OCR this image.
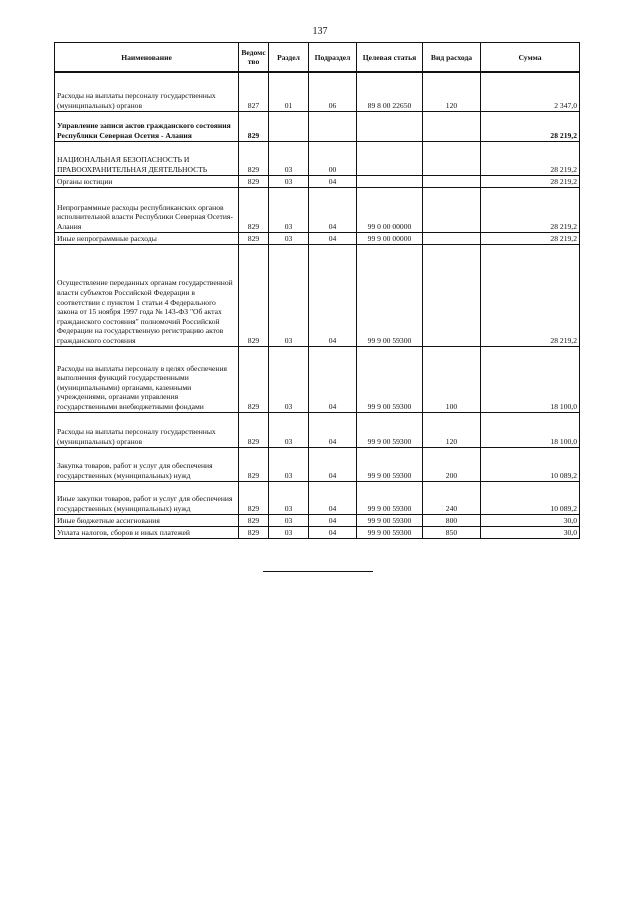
137
Наименование	Ведомс тво	Раздел	Подраздел	Целевая статья	Вид расхода	Сумма
Расходы на выплаты персоналу государственных (муниципальных) органов	827	01	06	89 8 00 22650	120	2 347,0
Управление записи актов гражданского состояния Республики Северная Осетия - Алания	829					28 219,2
НАЦИОНАЛЬНАЯ БЕЗОПАСНОСТЬ И ПРАВООХРАНИТЕЛЬНАЯ ДЕЯТЕЛЬНОСТЬ	829	03	00			28 219,2
Органы юстиции	829	03	04			28 219,2
Непрограммные расходы республиканских органов исполнительной власти Республики Северная Осетия-Алания	829	03	04	99 0 00 00000		28 219,2
Иные непрограммные расходы	829	03	04	99 9 00 00000		28 219,2
Осуществление переданных органам государственной власти субъектов Российской Федерации в соответствии с пунктом 1 статьи 4 Федерального закона от 15 ноября 1997 года № 143-ФЗ "Об актах гражданского состояния" полномочий Российской Федерации на государственную регистрацию актов гражданского состояния	829	03	04	99 9 00 59300		28 219,2
Расходы на выплаты персоналу в целях обеспечения выполнения функций государственными (муниципальными) органами, казенными учреждениями, органами управления государственными внебюджетными фондами	829	03	04	99 9 00 59300	100	18 100,0
Расходы на выплаты персоналу государственных (муниципальных) органов	829	03	04	99 9 00 59300	120	18 100,0
Закупка товаров, работ и услуг для обеспечения государственных (муниципальных) нужд	829	03	04	99 9 00 59300	200	10 089,2
Иные закупки товаров, работ и услуг для обеспечения государственных (муниципальных) нужд	829	03	04	99 9 00 59300	240	10 089,2
Иные бюджетные ассигнования	829	03	04	99 9 00 59300	800	30,0
Уплата налогов, сборов и иных платежей	829	03	04	99 9 00 59300	850	30,0
